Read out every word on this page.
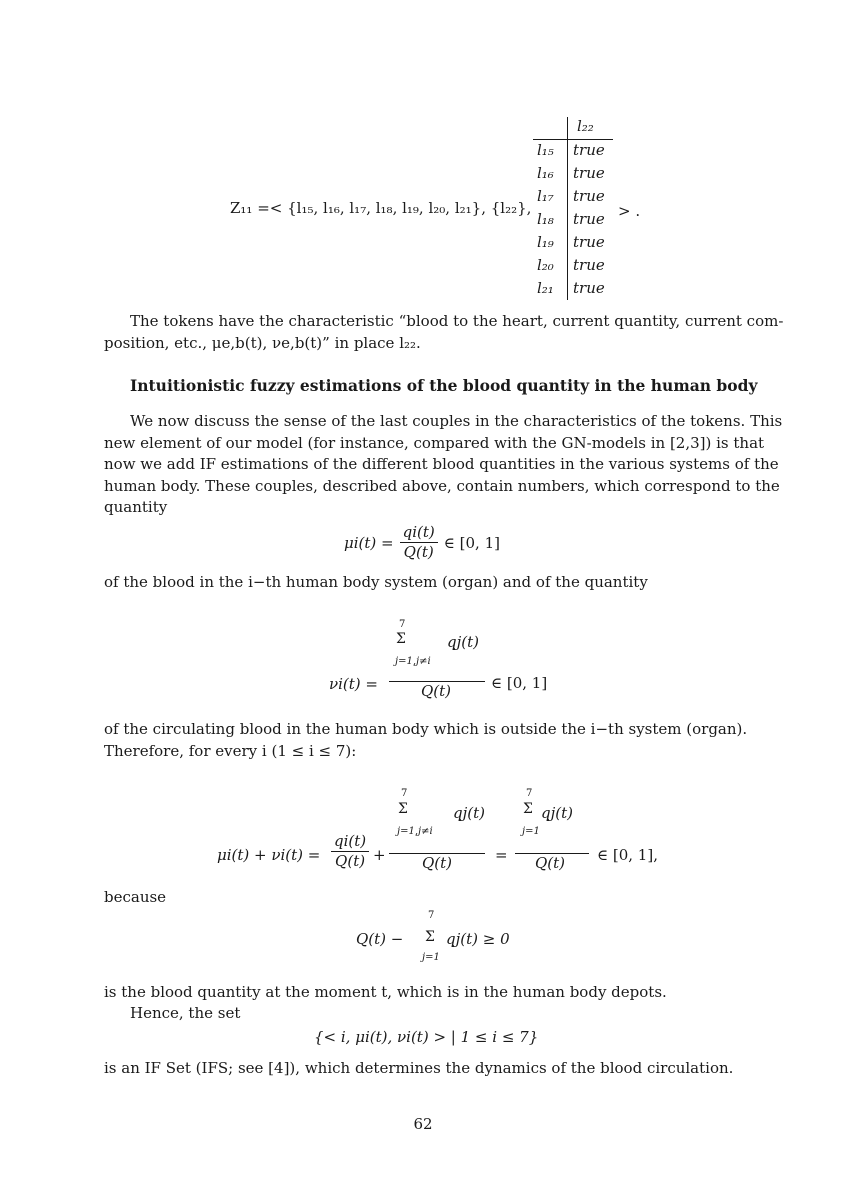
Z₁₁ =< {l₁₅, l₁₆, l₁₇, l₁₈, l₁₉, l₂₀, l₂₁}, {l₂₂},
l₂₂
l₁₅ true
l₁₆ true
l₁₇ true
l₁₈ true
l₁₉ true
l₂₀ true
l₂₁ true
> .
The tokens have the characteristic “blood to the heart, current quantity, current com-
position, etc., μe,b(t), νe,b(t)” in place l₂₂.
Intuitionistic fuzzy estimations of the blood quantity in the human body
We now discuss the sense of the last couples in the characteristics of the tokens. This
new element of our model (for instance, compared with the GN-models in [2,3]) is that
now we add IF estimations of the different blood quantities in the various systems of the
human body. These couples, described above, contain numbers, which correspond to the
quantity
$\mu i(t) = \frac{qi(t)}{Q(t)}$ ∈ [0, 1]
of the blood in the i−th human body system (organ) and of the quantity
νi(t) =
7
Σ
j=1,j≠i
qj(t)
Q(t)	∈ [0, 1]
of the circulating blood in the human body which is outside the i−th system (organ).
Therefore, for every i (1 ≤ i ≤ 7):
$\mu i(t) + \nu i(t) = \frac{qi(t)}{Q(t)}$ +
7
Σ
j=1,j≠i
qj(t)
Q(t)	=
7
Σ
j=1
qj(t)
Q(t) ∈ [0, 1],
because
Q(t) −
7
Σ
j=1
qj(t) ≥ 0
is the blood quantity at the moment t, which is in the human body depots.
Hence, the set
{< i, μi(t), νi(t) > | 1 ≤ i ≤ 7}
is an IF Set (IFS; see [4]), which determines the dynamics of the blood circulation.
62
